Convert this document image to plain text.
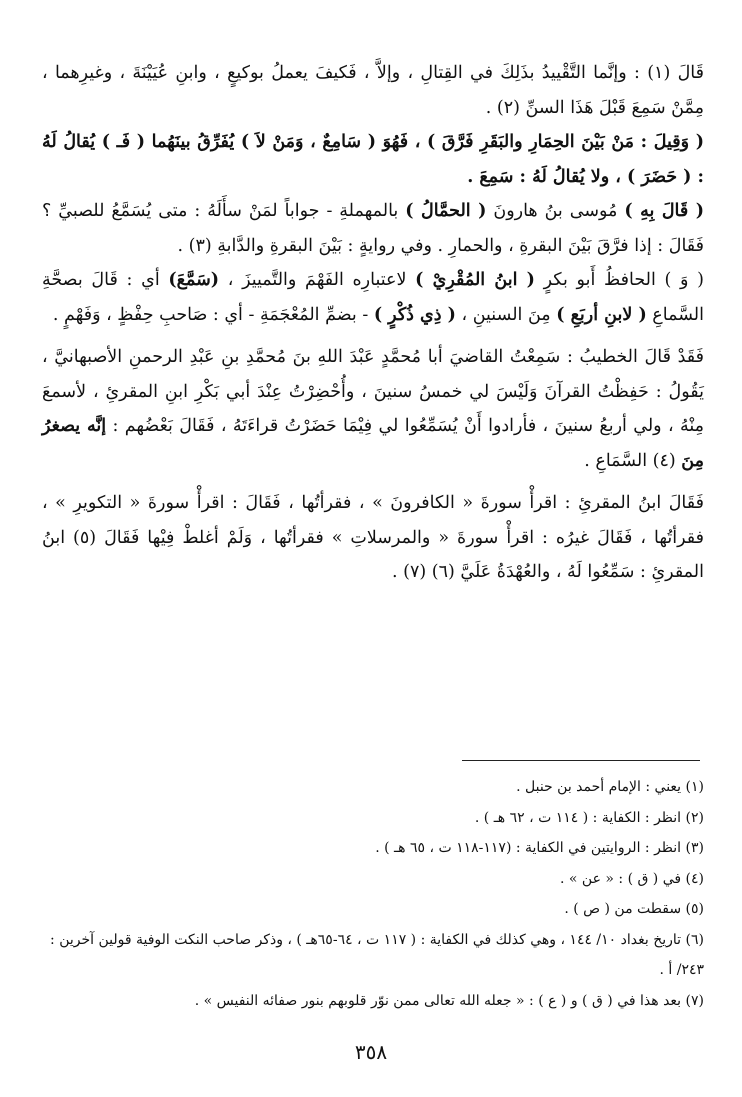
قَالَ (١) : وإنَّما التَّقْييدُ بذَلِكَ في القِتالِ ، وإلاَّ ، فَكيفَ يعملُ بوكيعٍ ، وابنِ عُيَيْنَةَ ، وغيرِهما ، مِمَّنْ سَمِعَ قَبْلَ هَذَا السنِّ (٢) .

( وَقِيلَ : مَنْ بَيْنَ الحِمَارِ والبَقَرِ فَرَّقَ ) ، فَهُوَ ( سَامِعٌ ، وَمَنْ لاَ ) يُفَرِّقُ بينَهُما ( فَـ ) يُقالُ لَهُ : ( حَضَرَ ) ، ولا يُقالُ لَهُ : سَمِعَ .

( قَالَ بِهِ ) مُوسى بنُ هارونَ ( الحمَّالُ ) بالمهملةِ - جواباً لمَنْ سأَلَهُ : متى يُسَمَّعُ للصبيِّ ؟ فَقَالَ : إذا فرَّقَ بَيْنَ البقرةِ ، والحمارِ . وفي روايةٍ : بَيْنَ البقرةِ والدَّابةِ (٣) .

( وَ ) الحافظُ أَبو بكرٍ ( ابنُ المُقْرِيْ ) لاعتبارِه الفَهْمَ والتَّمييزَ ، (سَمَّعَ) أي : قَالَ بصحَّةِ السَّماعِ ( لابنِ أربَعِ ) مِنَ السنينِ ، ( ذِي ذُكْرٍ ) - بضمِّ المُعْجَمَةِ - أي : صَاحبِ حِفْظٍ ، وَفَهْمٍ .

فَقَدْ قَالَ الخطيبُ : سَمِعْتُ القاضيَ أبا مُحمَّدٍ عَبْدَ اللهِ بنَ مُحمَّدِ بنِ عَبْدِ الرحمنِ الأصبهانيَّ ، يَقُولُ : حَفِظْتُ القرآنَ وَلَيْسَ لي خمسُ سنينَ ، وأُحْضِرْتُ عِنْدَ أبي بَكْرِ ابنِ المقرئِ ، لأسمعَ مِنْهُ ، ولي أربعُ سنينَ ، فأرادوا أَنْ يُسَمِّعُوا لي فِيْمَا حَضَرْتُ قراءَتَهُ ، فَقَالَ بَعْضُهم : إنَّه يصغرُ مِنَ (٤) السَّمَاعِ .

فَقَالَ ابنُ المقرئِ : اقرأْ سورةَ « الكافرونَ » ، فقرأتُها ، فَقَالَ : اقرأْ سورةَ « التكويرِ » ، فقرأتُها ، فَقَالَ غيرُه : اقرأْ سورةَ « والمرسلاتِ » فقرأتُها ، وَلَمْ أغلطْ فِيْها فَقَالَ (٥) ابنُ المقرئِ : سَمِّعُوا لَهُ ، والعُهْدَةُ عَلَيَّ (٦) (٧) .

(١) يعني : الإمام أحمد بن حنبل .

(٢) انظر : الكفاية : ( ١١٤ ت ، ٦٢ هـ ) .

(٣) انظر : الروايتين في الكفاية : (١١٧-١١٨ ت ، ٦٥ هـ ) .

(٤) في ( ق ) : « عن » .

(٥) سقطت من ( ص ) .

(٦) تاريخ بغداد ١٠/ ١٤٤ ، وهي كذلك في الكفاية : ( ١١٧ ت ، ٦٤-٦٥هـ ) ، وذكر صاحب النكت الوفية قولين آخرين : ٢٤٣/ أ .

(٧) بعد هذا في ( ق ) و ( ع ) : « جعله الله تعالى ممن نوّر قلوبهم بنور صفائه النفيس » .

٣٥٨
